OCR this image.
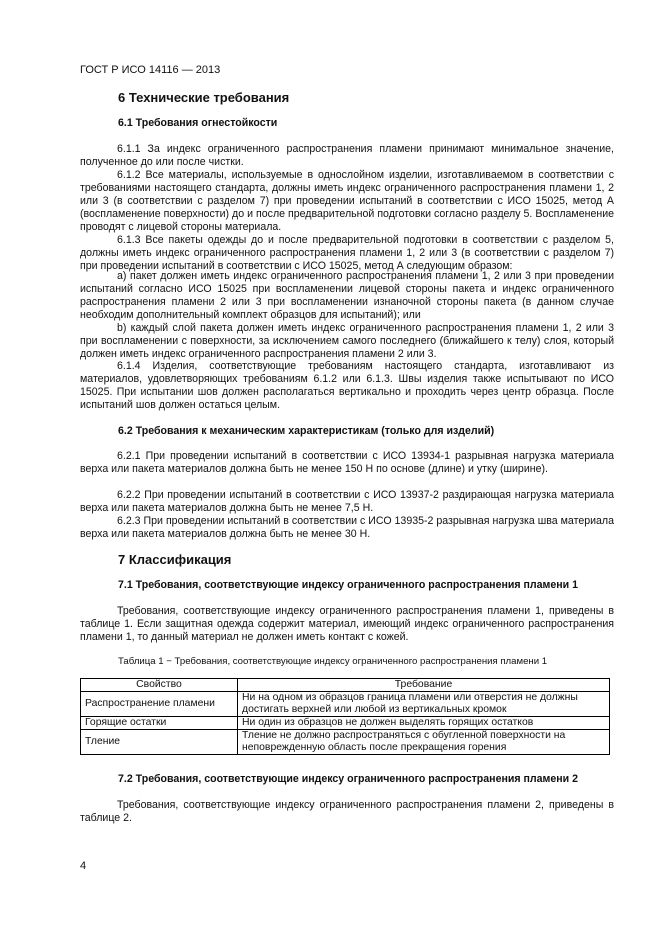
ГОСТ Р ИСО 14116 — 2013
6 Технические требования
6.1 Требования огнестойкости
6.1.1 За индекс ограниченного распространения пламени принимают минимальное значение, полученное до или после чистки.
6.1.2 Все материалы, используемые в однослойном изделии, изготавливаемом в соответствии с требованиями настоящего стандарта, должны иметь индекс ограниченного распространения пламени 1, 2 или 3 (в соответствии с разделом 7) при проведении испытаний в соответствии с ИСО 15025, метод А (воспламенение поверхности) до и после предварительной подготовки согласно разделу 5. Воспламенение проводят с лицевой стороны материала.
6.1.3 Все пакеты одежды до и после предварительной подготовки в соответствии с разделом 5, должны иметь индекс ограниченного распространения пламени 1, 2 или 3 (в соответствии с разделом 7) при проведении испытаний в соответствии с ИСО 15025, метод А следующим образом:
а) пакет должен иметь индекс ограниченного распространения пламени 1, 2 или 3 при проведении испытаний согласно ИСО 15025 при воспламенении лицевой стороны пакета и индекс ограниченного распространения пламени 2 или 3 при воспламенении изнаночной стороны пакета (в данном случае необходим дополнительный комплект образцов для испытаний); или
b) каждый слой пакета должен иметь индекс ограниченного распространения пламени 1, 2 или 3 при воспламенении с поверхности, за исключением самого последнего (ближайшего к телу) слоя, который должен иметь индекс ограниченного распространения пламени 2 или 3.
6.1.4 Изделия, соответствующие требованиям настоящего стандарта, изготавливают из материалов, удовлетворяющих требованиям 6.1.2 или 6.1.3. Швы изделия также испытывают по ИСО 15025. При испытании шов должен располагаться вертикально и проходить через центр образца. После испытаний шов должен остаться целым.
6.2 Требования к механическим характеристикам (только для изделий)
6.2.1 При проведении испытаний в соответствии с ИСО 13934-1 разрывная нагрузка материала верха или пакета материалов должна быть не менее 150 Н по основе (длине) и утку (ширине).
6.2.2 При проведении испытаний в соответствии с ИСО 13937-2 раздирающая нагрузка материала верха или пакета материалов должна быть не менее 7,5 Н.
6.2.3 При проведении испытаний в соответствии с ИСО 13935-2 разрывная нагрузка шва материала верха или пакета материалов должна быть не менее 30 Н.
7 Классификация
7.1 Требования, соответствующие индексу ограниченного распространения пламени 1
Требования, соответствующие индексу ограниченного распространения пламени 1, приведены в таблице 1. Если защитная одежда содержит материал, имеющий индекс ограниченного распространения пламени 1, то данный материал не должен иметь контакт с кожей.
Таблица 1 − Требования, соответствующие индексу ограниченного распространения пламени 1
Свойство	Требование
Распространение пламени	Ни на одном из образцов граница пламени или отверстия не должны достигать верхней или любой из вертикальных кромок
Горящие остатки	Ни один из образцов не должен выделять горящих остатков
Тление	Тление не должно распространяться с обугленной поверхности на неповрежденную область после прекращения горения
7.2 Требования, соответствующие индексу ограниченного распространения пламени 2
Требования, соответствующие индексу ограниченного распространения пламени 2, приведены в таблице 2.
4
